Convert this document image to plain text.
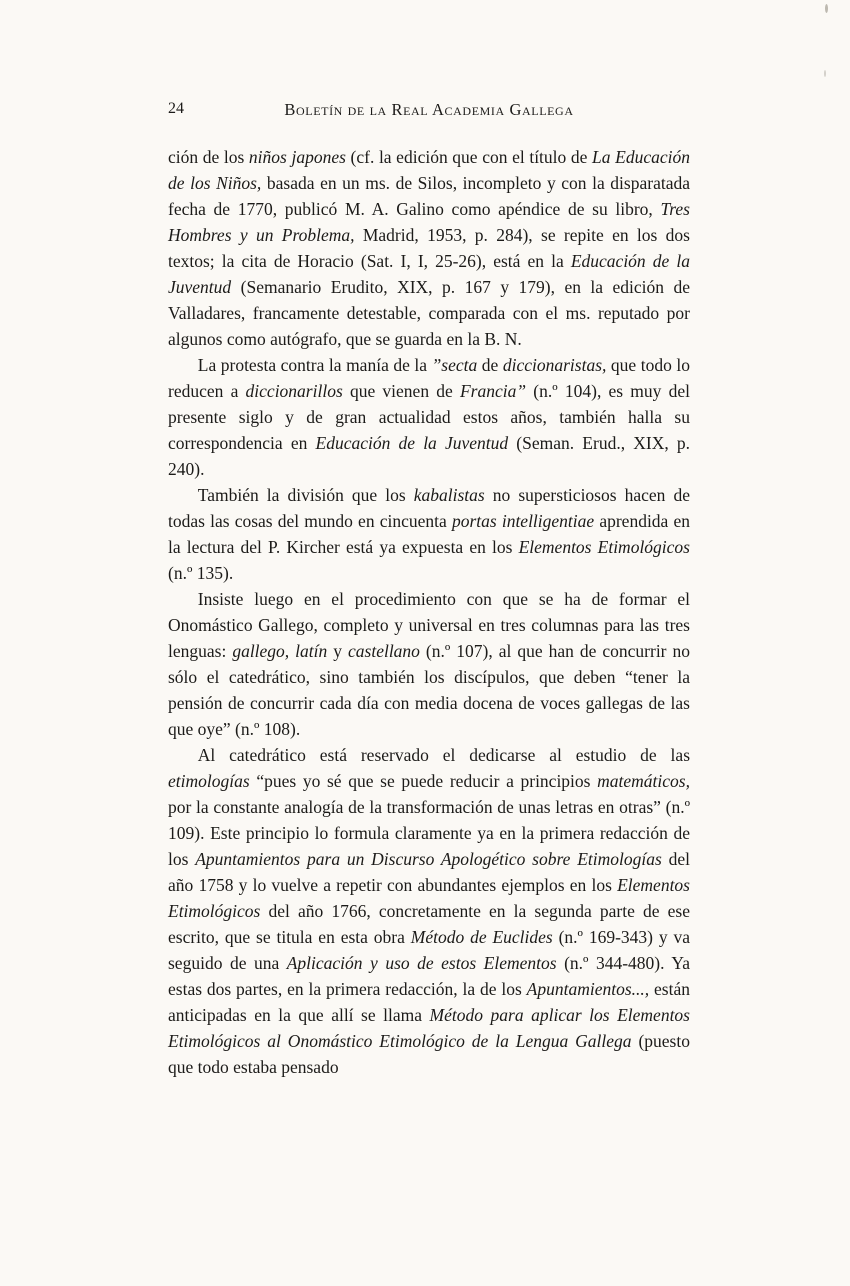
24	Boletín de la Real Academia Gallega

ción de los niños japones (cf. la edición que con el título de La Educación de los Niños, basada en un ms. de Silos, incompleto y con la disparatada fecha de 1770, publicó M. A. Galino como apéndice de su libro, Tres Hombres y un Problema, Madrid, 1953, p. 284), se repite en los dos textos; la cita de Horacio (Sat. I, I, 25-26), está en la Educación de la Juventud (Semanario Erudito, XIX, p. 167 y 179), en la edición de Valladares, francamente detestable, comparada con el ms. reputado por algunos como autógrafo, que se guarda en la B. N.

La protesta contra la manía de la ”secta de diccionaristas, que todo lo reducen a diccionarillos que vienen de Francia” (n.º 104), es muy del presente siglo y de gran actualidad estos años, también halla su correspondencia en Educación de la Juventud (Seman. Erud., XIX, p. 240).

También la división que los kabalistas no supersticiosos hacen de todas las cosas del mundo en cincuenta portas intelligentiae aprendida en la lectura del P. Kircher está ya expuesta en los Elementos Etimológicos (n.º 135).

Insiste luego en el procedimiento con que se ha de formar el Onomástico Gallego, completo y universal en tres columnas para las tres lenguas: gallego, latín y castellano (n.º 107), al que han de concurrir no sólo el catedrático, sino también los discípulos, que deben “tener la pensión de concurrir cada día con media docena de voces gallegas de las que oye” (n.º 108).

Al catedrático está reservado el dedicarse al estudio de las etimologías “pues yo sé que se puede reducir a principios matemáticos, por la constante analogía de la transformación de unas letras en otras” (n.º 109). Este principio lo formula claramente ya en la primera redacción de los Apuntamientos para un Discurso Apologético sobre Etimologías del año 1758 y lo vuelve a repetir con abundantes ejemplos en los Elementos Etimológicos del año 1766, concretamente en la segunda parte de ese escrito, que se titula en esta obra Método de Euclides (n.º 169-343) y va seguido de una Aplicación y uso de estos Elementos (n.º 344-480). Ya estas dos partes, en la primera redacción, la de los Apuntamientos..., están anticipadas en la que allí se llama Método para aplicar los Elementos Etimológicos al Onomástico Etimológico de la Lengua Gallega (puesto que todo estaba pensado
